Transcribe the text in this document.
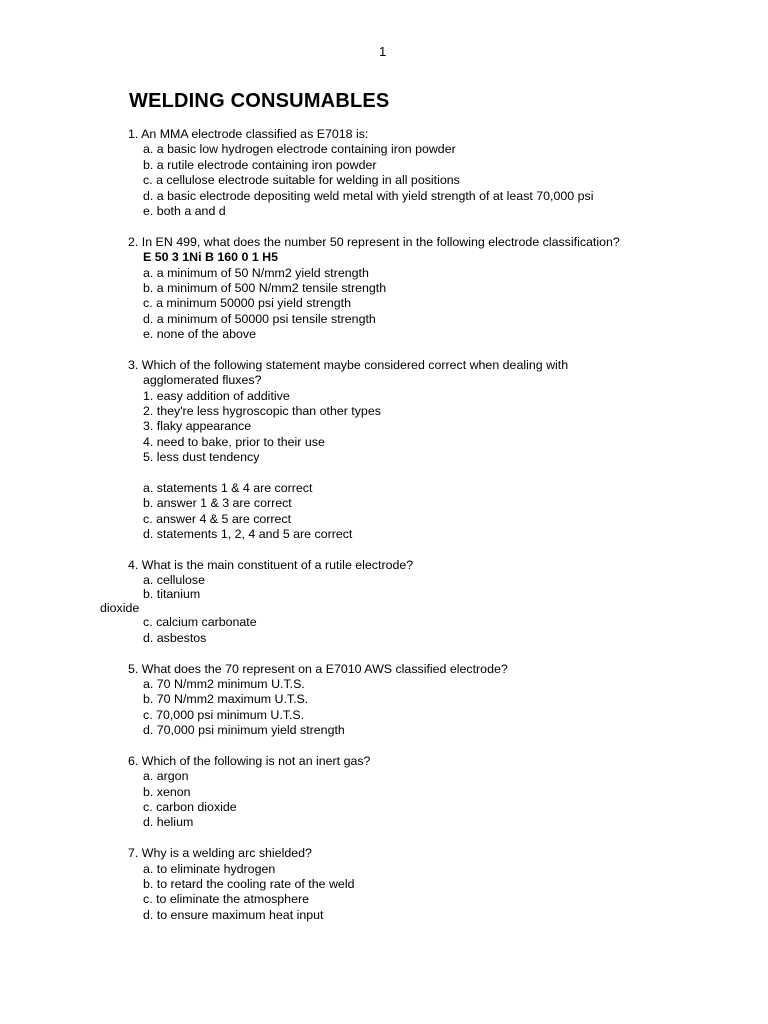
1
WELDING CONSUMABLES
1. An MMA electrode classified as E7018 is:
a. a basic low hydrogen electrode containing iron powder
b. a rutile electrode containing iron powder
c. a cellulose electrode suitable for welding in all positions
d. a basic electrode depositing weld metal with yield strength of at least 70,000 psi
e. both a and d
2. In EN 499, what does the number 50 represent in the following electrode classification?
E 50 3 1Ni B 160 0 1 H5
a. a minimum of 50 N/mm2 yield strength
b. a minimum of 500 N/mm2 tensile strength
c. a minimum 50000 psi yield strength
d. a minimum of 50000 psi tensile strength
e. none of the above
3. Which of the following statement maybe considered correct when dealing with
agglomerated fluxes?
1. easy addition of additive
2. they're less hygroscopic than other types
3. flaky appearance
4. need to bake, prior to their use
5. less dust tendency
a. statements 1 & 4 are correct
b. answer 1 & 3 are correct
c. answer 4 & 5 are correct
d. statements 1, 2, 4 and 5 are correct
4. What is the main constituent of a rutile electrode?
a. cellulose
b. titanium
dioxide
c. calcium carbonate
d. asbestos
5. What does the 70 represent on a E7010 AWS classified electrode?
a. 70 N/mm2 minimum U.T.S.
b. 70 N/mm2 maximum U.T.S.
c. 70,000 psi minimum U.T.S.
d. 70,000 psi minimum yield strength
6. Which of the following is not an inert gas?
a. argon
b. xenon
c. carbon dioxide
d. helium
7. Why is a welding arc shielded?
a. to eliminate hydrogen
b. to retard the cooling rate of the weld
c. to eliminate the atmosphere
d. to ensure maximum heat input
